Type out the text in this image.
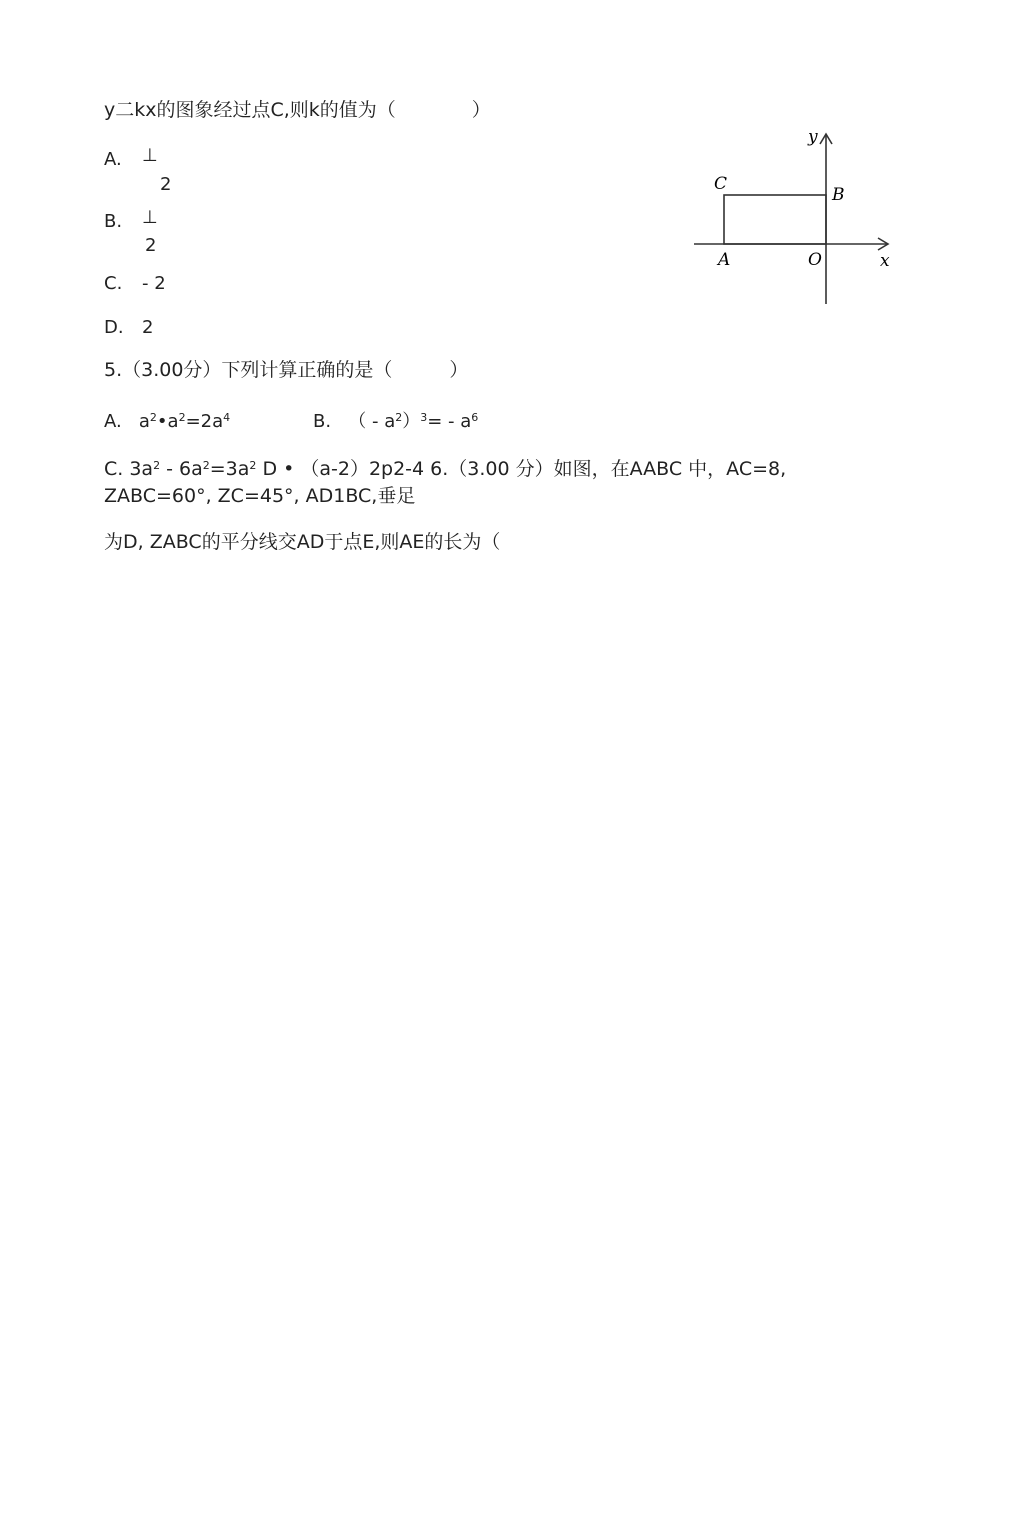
y二kx的图象经过点C,则k的值为（　　　　）
A. ⊥
2
B. ⊥
2
C. - 2
D. 2
y
x
C
B
A	O
5.（3.00分）下列计算正确的是（　　　）
A. $a^2•a^2=2a^4$	B. （ - $a^2)^3= - a^6$
C. $3a^2 - 6a^2=3a^2$ D • （a-2）2p2-4 6.（3.00 分）如图，在AABC 中，AC=8,
ZABC=60°, ZC=45°, AD1BC,垂足
为D, ZABC的平分线交AD于点E,则AE的长为（
